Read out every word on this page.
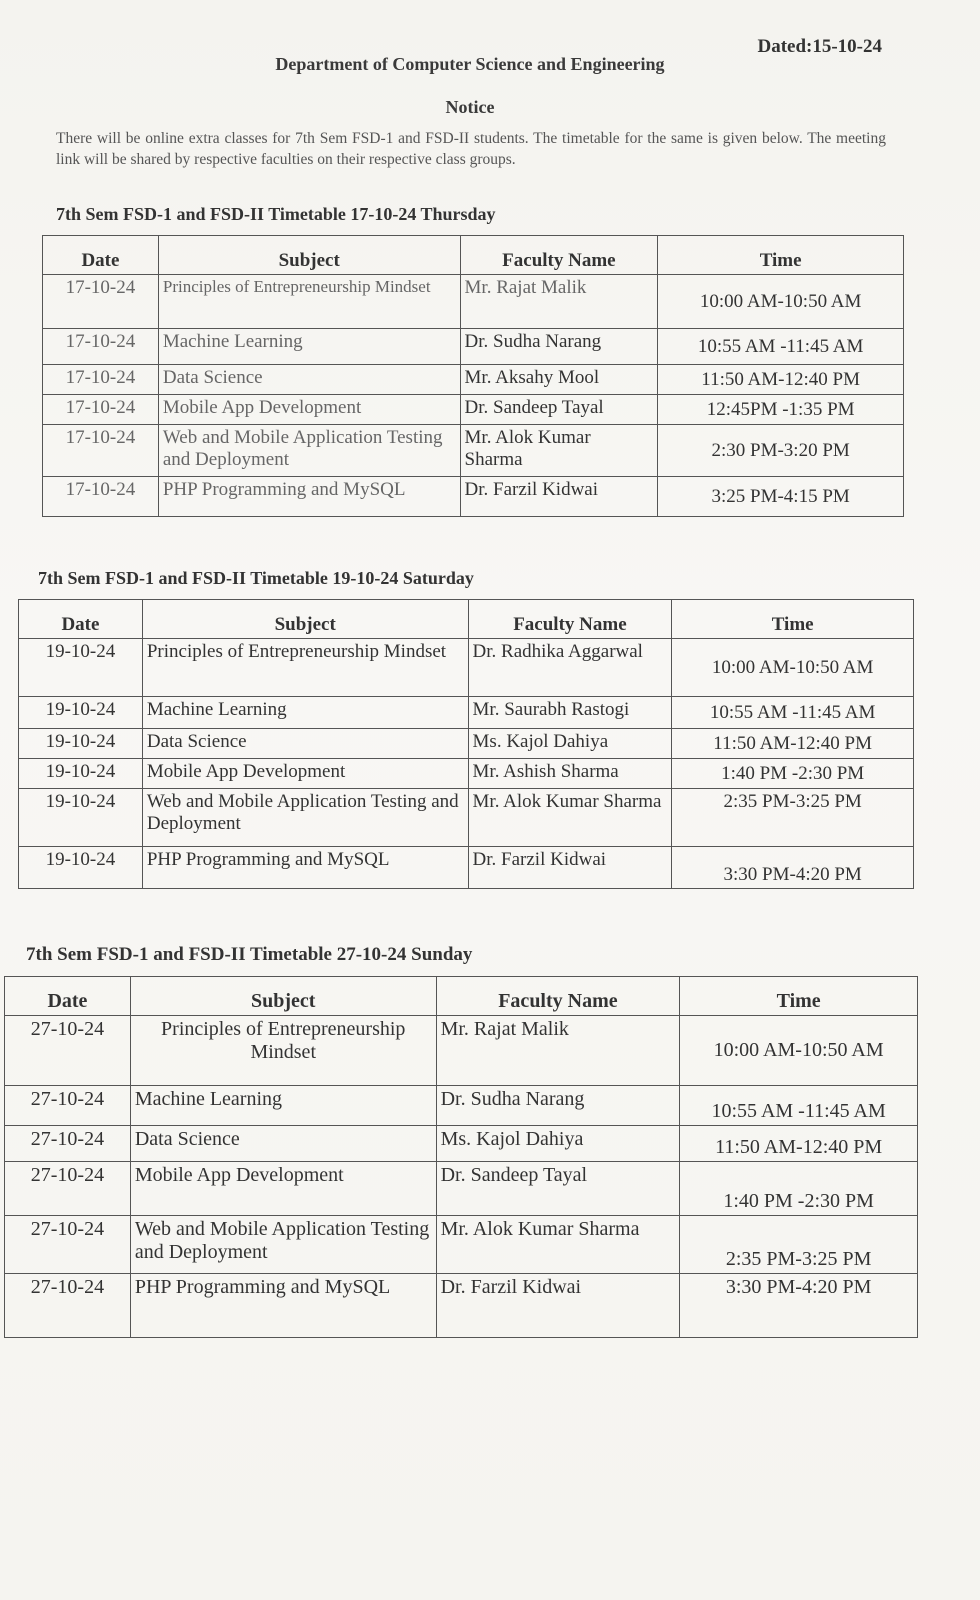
Dated:15-10-24
Department of Computer Science and Engineering
Notice
There will be online extra classes for 7th Sem FSD-1 and FSD-II students. The timetable for the same is given below. The meeting link will be shared by respective faculties on their respective class groups.
7th Sem FSD-1 and FSD-II Timetable 17-10-24 Thursday
Date	Subject	Faculty Name	Time
17-10-24	Principles of Entrepreneurship Mindset	Mr. Rajat Malik	10:00 AM-10:50 AM
17-10-24	Machine Learning	Dr. Sudha Narang	10:55 AM -11:45 AM
17-10-24	Data Science	Mr. Aksahy Mool	11:50 AM-12:40 PM
17-10-24	Mobile App Development	Dr. Sandeep Tayal	12:45PM -1:35 PM
17-10-24	Web and Mobile Application Testing and Deployment	Mr. Alok Kumar Sharma	2:30 PM-3:20 PM
17-10-24	PHP Programming and MySQL	Dr. Farzil Kidwai	3:25 PM-4:15 PM
7th Sem FSD-1 and FSD-II Timetable 19-10-24 Saturday
Date	Subject	Faculty Name	Time
19-10-24	Principles of Entrepreneurship Mindset	Dr. Radhika Aggarwal	10:00 AM-10:50 AM
19-10-24	Machine Learning	Mr. Saurabh Rastogi	10:55 AM -11:45 AM
19-10-24	Data Science	Ms. Kajol Dahiya	11:50 AM-12:40 PM
19-10-24	Mobile App Development	Mr. Ashish Sharma	1:40 PM -2:30 PM
19-10-24	Web and Mobile Application Testing and Deployment	Mr. Alok Kumar Sharma	2:35 PM-3:25 PM
19-10-24	PHP Programming and MySQL	Dr. Farzil Kidwai	3:30 PM-4:20 PM
7th Sem FSD-1 and FSD-II Timetable 27-10-24 Sunday
Date	Subject	Faculty Name	Time
27-10-24	Principles of Entrepreneurship Mindset	Mr. Rajat Malik	10:00 AM-10:50 AM
27-10-24	Machine Learning	Dr. Sudha Narang	10:55 AM -11:45 AM
27-10-24	Data Science	Ms. Kajol Dahiya	11:50 AM-12:40 PM
27-10-24	Mobile App Development	Dr. Sandeep Tayal	1:40 PM -2:30 PM
27-10-24	Web and Mobile Application Testing and Deployment	Mr. Alok Kumar Sharma	2:35 PM-3:25 PM
27-10-24	PHP Programming and MySQL	Dr. Farzil Kidwai	3:30 PM-4:20 PM
